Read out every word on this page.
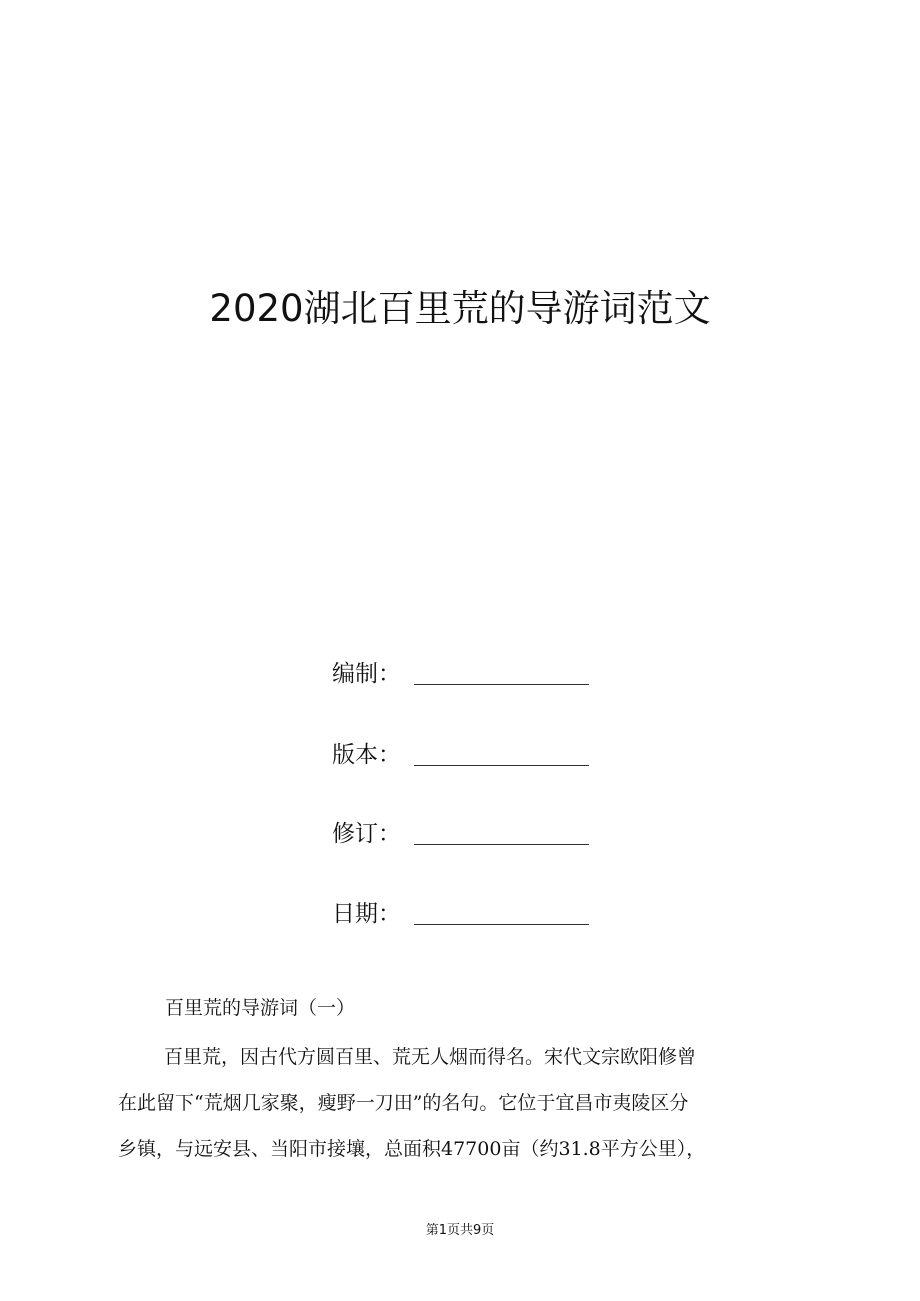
2020湖北百里荒的导游词范文
编制：
版本：
修订：
日期：
百里荒的导游词（一）
百里荒，因古代方圆百里、荒无人烟而得名。宋代文宗欧阳修曾
在此留下“荒烟几家聚，瘦野一刀田”的名句。它位于宜昌市夷陵区分
乡镇，与远安县、当阳市接壤，总面积47700亩（约31.8平方公里），
第1页共9页
